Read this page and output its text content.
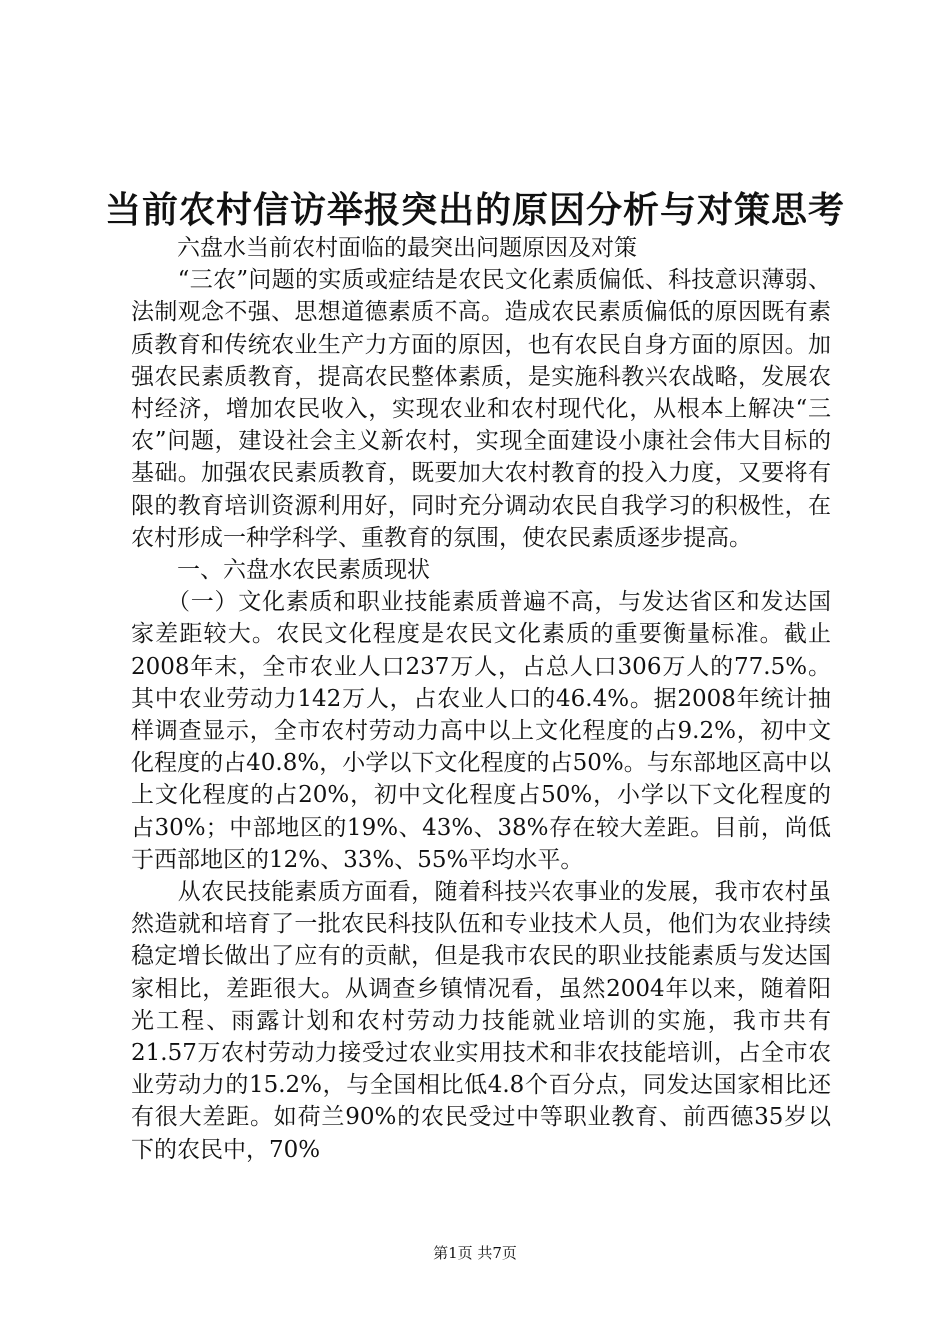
当前农村信访举报突出的原因分析与对策思考

　　六盘水当前农村面临的最突出问题原因及对策

　　“三农”问题的实质或症结是农民文化素质偏低、科技意识薄弱、法制观念不强、思想道德素质不高。造成农民素质偏低的原因既有素质教育和传统农业生产力方面的原因，也有农民自身方面的原因。加强农民素质教育，提高农民整体素质，是实施科教兴农战略，发展农村经济，增加农民收入，实现农业和农村现代化，从根本上解决“三农”问题，建设社会主义新农村，实现全面建设小康社会伟大目标的基础。加强农民素质教育，既要加大农村教育的投入力度，又要将有限的教育培训资源利用好，同时充分调动农民自我学习的积极性，在农村形成一种学科学、重教育的氛围，使农民素质逐步提高。

　　一、六盘水农民素质现状

　　（一）文化素质和职业技能素质普遍不高，与发达省区和发达国家差距较大。农民文化程度是农民文化素质的重要衡量标准。截止2008年末，全市农业人口237万人，占总人口306万人的77.5%。其中农业劳动力142万人，占农业人口的46.4%。据2008年统计抽样调查显示，全市农村劳动力高中以上文化程度的占9.2%，初中文化程度的占40.8%，小学以下文化程度的占50%。与东部地区高中以上文化程度的占20%，初中文化程度占50%，小学以下文化程度的占30%；中部地区的19%、43%、38%存在较大差距。目前，尚低于西部地区的12%、33%、55%平均水平。

　　从农民技能素质方面看，随着科技兴农事业的发展，我市农村虽然造就和培育了一批农民科技队伍和专业技术人员，他们为农业持续稳定增长做出了应有的贡献，但是我市农民的职业技能素质与发达国家相比，差距很大。从调查乡镇情况看，虽然2004年以来，随着阳光工程、雨露计划和农村劳动力技能就业培训的实施，我市共有21.57万农村劳动力接受过农业实用技术和非农技能培训，占全市农业劳动力的15.2%，与全国相比低4.8个百分点，同发达国家相比还有很大差距。如荷兰90%的农民受过中等职业教育、前西德35岁以下的农民中，70%

第1页 共7页
